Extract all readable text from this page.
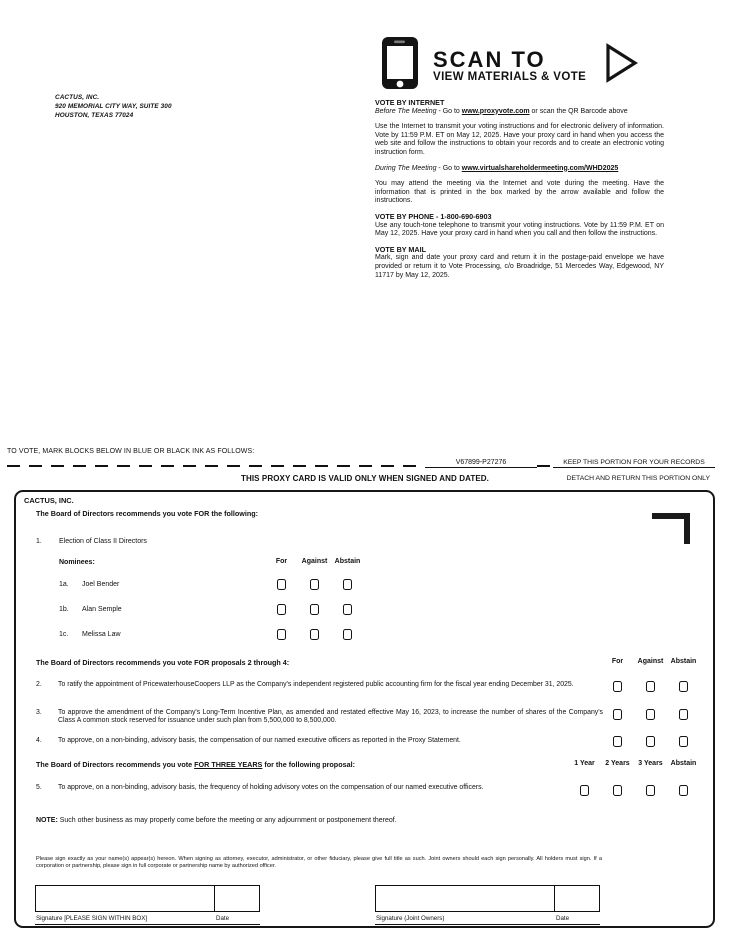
CACTUS, INC.
920 MEMORIAL CITY WAY, SUITE 300
HOUSTON, TEXAS 77024
SCAN TO
VIEW MATERIALS & VOTE
VOTE BY INTERNET
Before The Meeting - Go to www.proxyvote.com or scan the QR Barcode above
Use the Internet to transmit your voting instructions and for electronic delivery of information. Vote by 11:59 P.M. ET on May 12, 2025. Have your proxy card in hand when you access the web site and follow the instructions to obtain your records and to create an electronic voting instruction form.
During The Meeting - Go to www.virtualshareholdermeeting.com/WHD2025
You may attend the meeting via the Internet and vote during the meeting. Have the information that is printed in the box marked by the arrow available and follow the instructions.
VOTE BY PHONE - 1-800-690-6903
Use any touch-tone telephone to transmit your voting instructions. Vote by 11:59 P.M. ET on May 12, 2025. Have your proxy card in hand when you call and then follow the instructions.
VOTE BY MAIL
Mark, sign and date your proxy card and return it in the postage-paid envelope we have provided or return it to Vote Processing, c/o Broadridge, 51 Mercedes Way, Edgewood, NY 11717 by May 12, 2025.
TO VOTE, MARK BLOCKS BELOW IN BLUE OR BLACK INK AS FOLLOWS:
V67899-P27276	KEEP THIS PORTION FOR YOUR RECORDS
THIS PROXY CARD IS VALID ONLY WHEN SIGNED AND DATED.	DETACH AND RETURN THIS PORTION ONLY
CACTUS, INC.
The Board of Directors recommends you vote FOR the following:
1. Election of Class II Directors
Nominees:	For	Against	Abstain
1a. Joel Bender
1b. Alan Semple
1c. Melissa Law
The Board of Directors recommends you vote FOR proposals 2 through 4:	For	Against	Abstain
2. To ratify the appointment of PricewaterhouseCoopers LLP as the Company's independent registered public accounting firm for the fiscal year ending December 31, 2025.
3. To approve the amendment of the Company's Long-Term Incentive Plan, as amended and restated effective May 16, 2023, to increase the number of shares of the Company's Class A common stock reserved for issuance under such plan from 5,500,000 to 8,500,000.
4. To approve, on a non-binding, advisory basis, the compensation of our named executive officers as reported in the Proxy Statement.
The Board of Directors recommends you vote FOR THREE YEARS for the following proposal:	1 Year	2 Years	3 Years	Abstain
5. To approve, on a non-binding, advisory basis, the frequency of holding advisory votes on the compensation of our named executive officers.
NOTE: Such other business as may properly come before the meeting or any adjournment or postponement thereof.
Please sign exactly as your name(s) appear(s) hereon. When signing as attorney, executor, administrator, or other fiduciary, please give full title as such. Joint owners should each sign personally. All holders must sign. If a corporation or partnership, please sign in full corporate or partnership name by authorized officer.
Signature [PLEASE SIGN WITHIN BOX]	Date	Signature (Joint Owners)	Date
